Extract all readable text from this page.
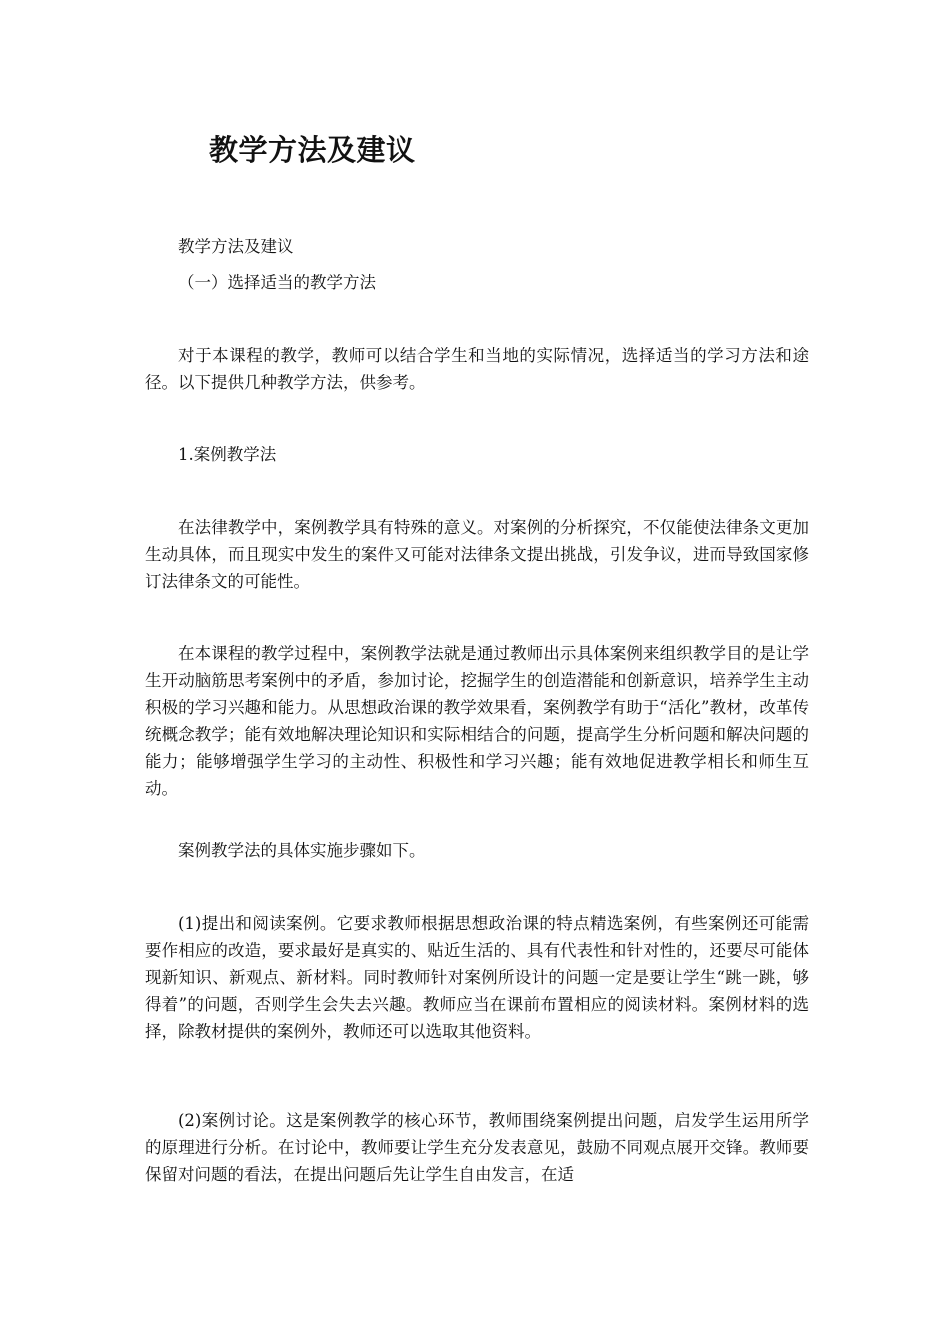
教学方法及建议

教学方法及建议

（一）选择适当的教学方法

对于本课程的教学，教师可以结合学生和当地的实际情况，选择适当的学习方法和途径。以下提供几种教学方法，供参考。

1.案例教学法

在法律教学中，案例教学具有特殊的意义。对案例的分析探究，不仅能使法律条文更加生动具体，而且现实中发生的案件又可能对法律条文提出挑战，引发争议，进而导致国家修订法律条文的可能性。

在本课程的教学过程中，案例教学法就是通过教师出示具体案例来组织教学目的是让学生开动脑筋思考案例中的矛盾，参加讨论，挖掘学生的创造潜能和创新意识，培养学生主动积极的学习兴趣和能力。从思想政治课的教学效果看，案例教学有助于“活化”教材，改革传统概念教学；能有效地解决理论知识和实际相结合的问题，提高学生分析问题和解决问题的能力；能够增强学生学习的主动性、积极性和学习兴趣；能有效地促进教学相长和师生互动。

案例教学法的具体实施步骤如下。

(1)提出和阅读案例。它要求教师根据思想政治课的特点精选案例，有些案例还可能需要作相应的改造，要求最好是真实的、贴近生活的、具有代表性和针对性的，还要尽可能体现新知识、新观点、新材料。同时教师针对案例所设计的问题一定是要让学生“跳一跳，够得着”的问题，否则学生会失去兴趣。教师应当在课前布置相应的阅读材料。案例材料的选择，除教材提供的案例外，教师还可以选取其他资料。

(2)案例讨论。这是案例教学的核心环节，教师围绕案例提出问题，启发学生运用所学的原理进行分析。在讨论中，教师要让学生充分发表意见，鼓励不同观点展开交锋。教师要保留对问题的看法，在提出问题后先让学生自由发言，在适
